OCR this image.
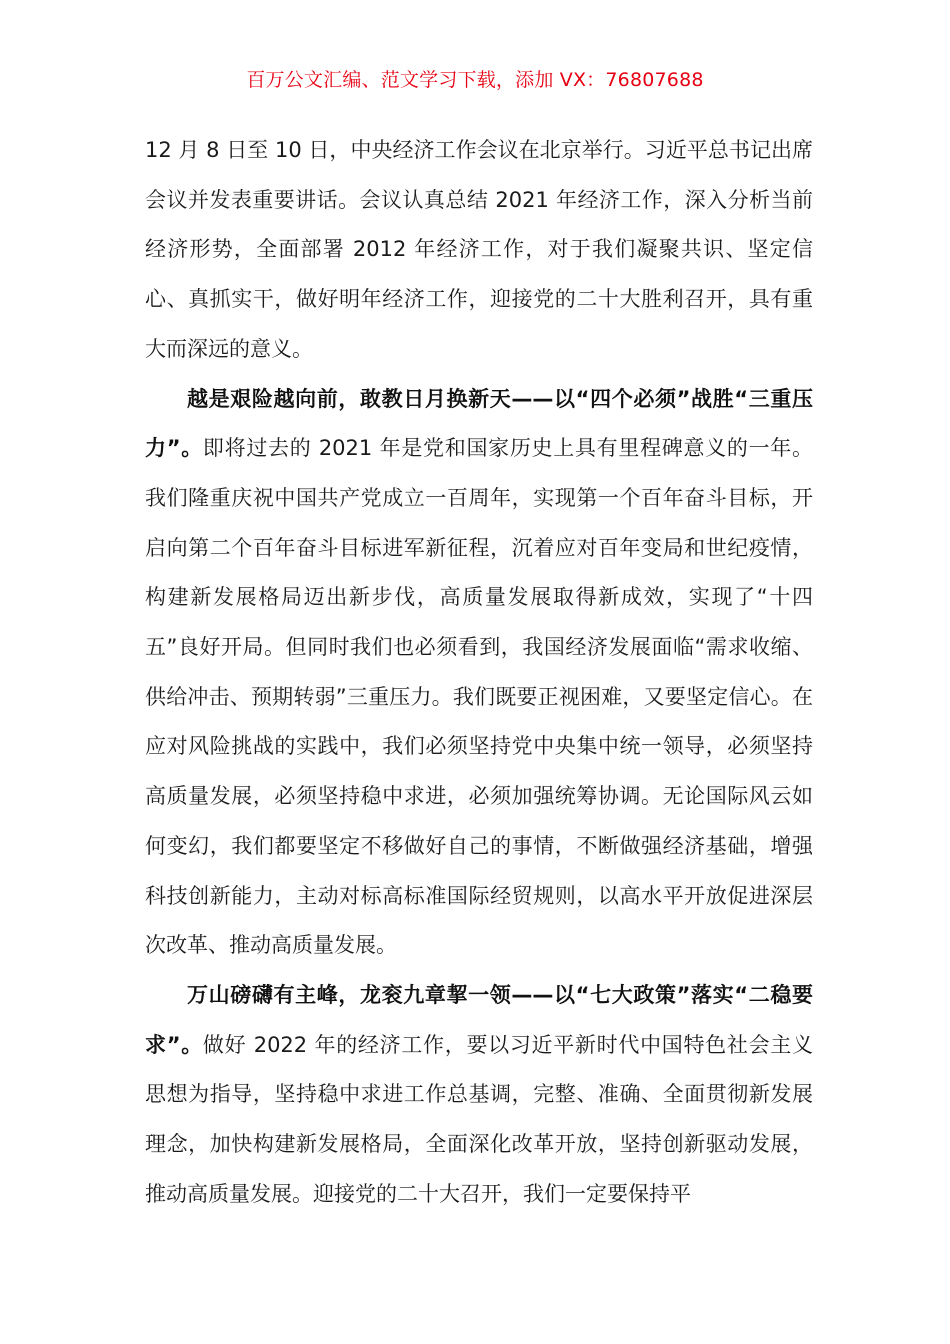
百万公文汇编、范文学习下载，添加 VX：76807688

12 月 8 日至 10 日，中央经济工作会议在北京举行。习近平总书记出席会议并发表重要讲话。会议认真总结 2021 年经济工作，深入分析当前经济形势，全面部署 2012 年经济工作，对于我们凝聚共识、坚定信心、真抓实干，做好明年经济工作，迎接党的二十大胜利召开，具有重大而深远的意义。

越是艰险越向前，敢教日月换新天——以“四个必须”战胜“三重压力”。即将过去的 2021 年是党和国家历史上具有里程碑意义的一年。我们隆重庆祝中国共产党成立一百周年，实现第一个百年奋斗目标，开启向第二个百年奋斗目标进军新征程，沉着应对百年变局和世纪疫情，构建新发展格局迈出新步伐，高质量发展取得新成效，实现了“十四五”良好开局。但同时我们也必须看到，我国经济发展面临“需求收缩、供给冲击、预期转弱”三重压力。我们既要正视困难，又要坚定信心。在应对风险挑战的实践中，我们必须坚持党中央集中统一领导，必须坚持高质量发展，必须坚持稳中求进，必须加强统筹协调。无论国际风云如何变幻，我们都要坚定不移做好自己的事情，不断做强经济基础，增强科技创新能力，主动对标高标准国际经贸规则，以高水平开放促进深层次改革、推动高质量发展。

万山磅礴有主峰，龙衮九章挈一领——以“七大政策”落实“二稳要求”。做好 2022 年的经济工作，要以习近平新时代中国特色社会主义思想为指导，坚持稳中求进工作总基调，完整、准确、全面贯彻新发展理念，加快构建新发展格局，全面深化改革开放，坚持创新驱动发展，推动高质量发展。迎接党的二十大召开，我们一定要保持平
